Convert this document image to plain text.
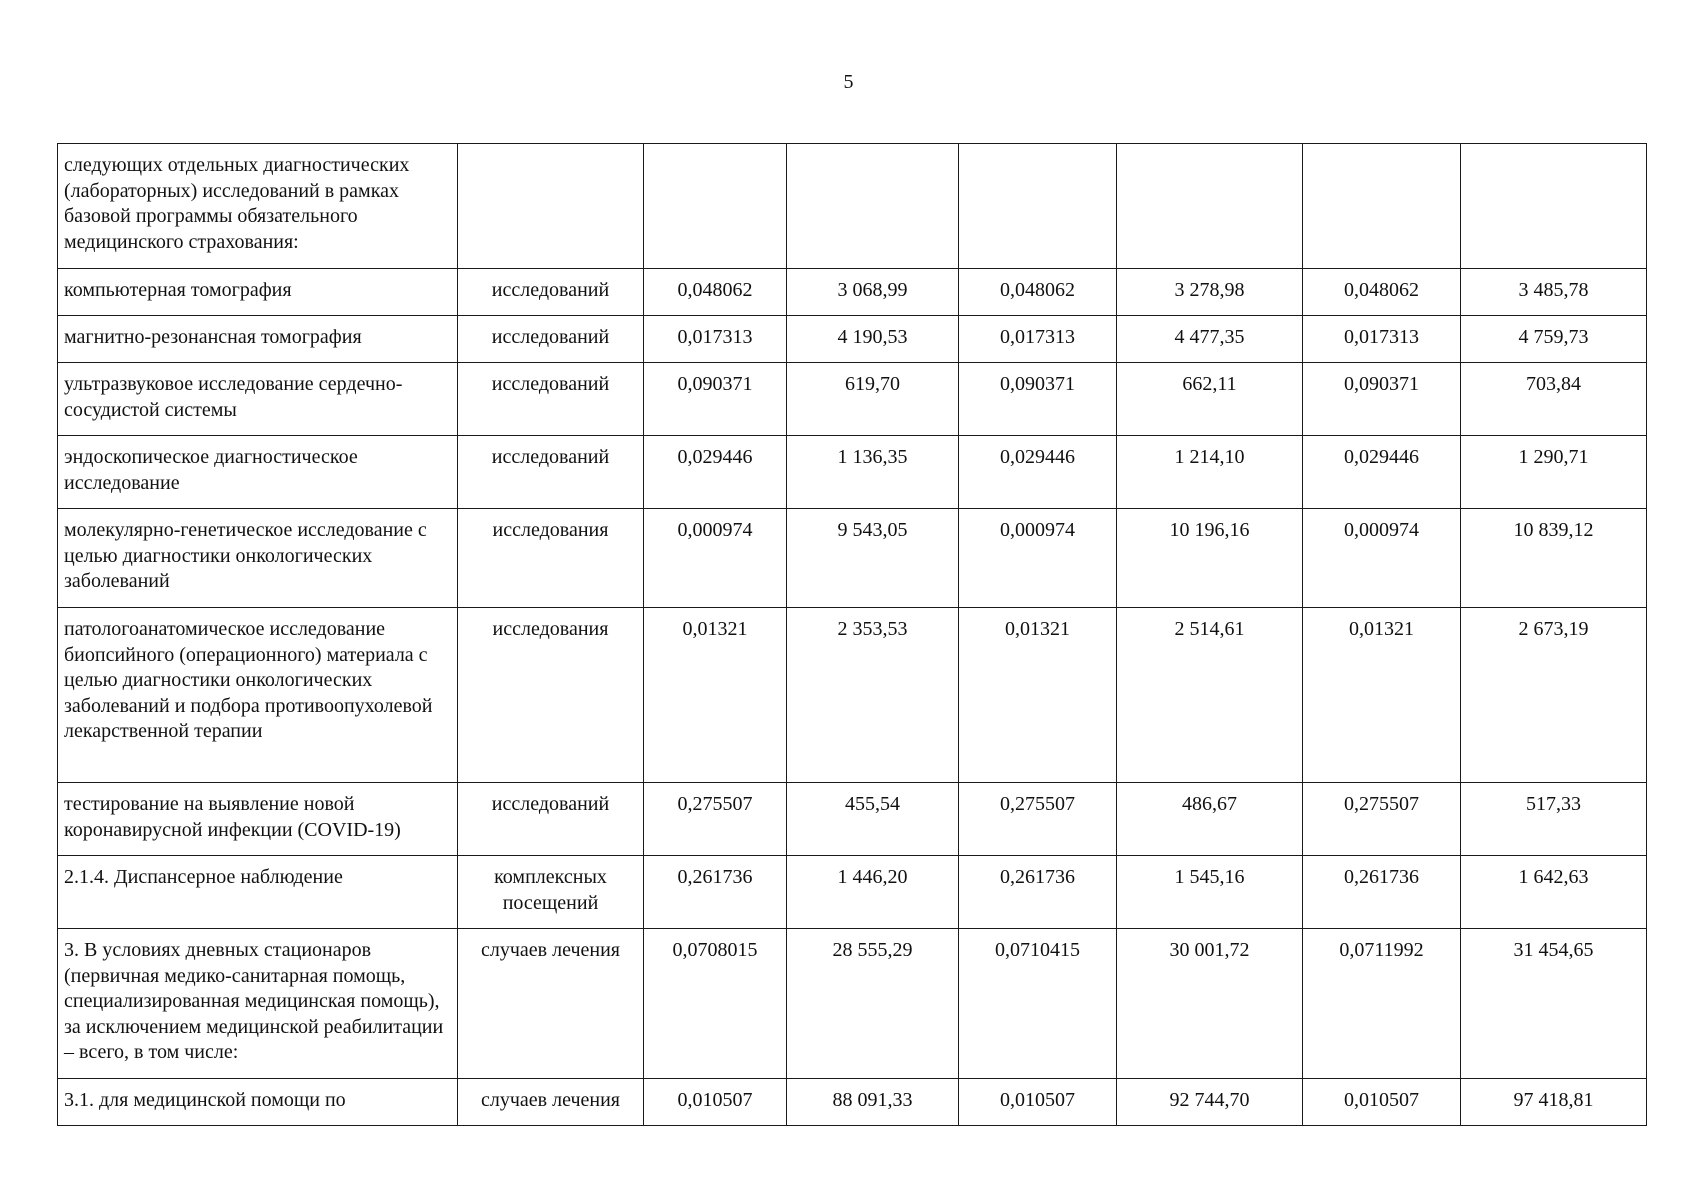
5
следующих отдельных диагностических (лабораторных) исследований в рамках базовой программы обязательного медицинского страхования:							
компьютерная томография	исследований	0,048062	3 068,99	0,048062	3 278,98	0,048062	3 485,78
магнитно-резонансная томография	исследований	0,017313	4 190,53	0,017313	4 477,35	0,017313	4 759,73
ультразвуковое исследование сердечно-сосудистой системы	исследований	0,090371	619,70	0,090371	662,11	0,090371	703,84
эндоскопическое диагностическое исследование	исследований	0,029446	1 136,35	0,029446	1 214,10	0,029446	1 290,71
молекулярно-генетическое исследование с целью диагностики онкологических заболеваний	исследования	0,000974	9 543,05	0,000974	10 196,16	0,000974	10 839,12
патологоанатомическое исследование биопсийного (операционного) материала с целью диагностики онкологических заболеваний и подбора противоопухолевой лекарственной терапии	исследования	0,01321	2 353,53	0,01321	2 514,61	0,01321	2 673,19
тестирование на выявление новой коронавирусной инфекции (COVID-19)	исследований	0,275507	455,54	0,275507	486,67	0,275507	517,33
2.1.4. Диспансерное наблюдение	комплексных посещений	0,261736	1 446,20	0,261736	1 545,16	0,261736	1 642,63
3. В условиях дневных стационаров (первичная медико-санитарная помощь, специализированная медицинская помощь), за исключением медицинской реабилитации – всего, в том числе:	случаев лечения	0,0708015	28 555,29	0,0710415	30 001,72	0,0711992	31 454,65
3.1. для медицинской помощи по	случаев лечения	0,010507	88 091,33	0,010507	92 744,70	0,010507	97 418,81
